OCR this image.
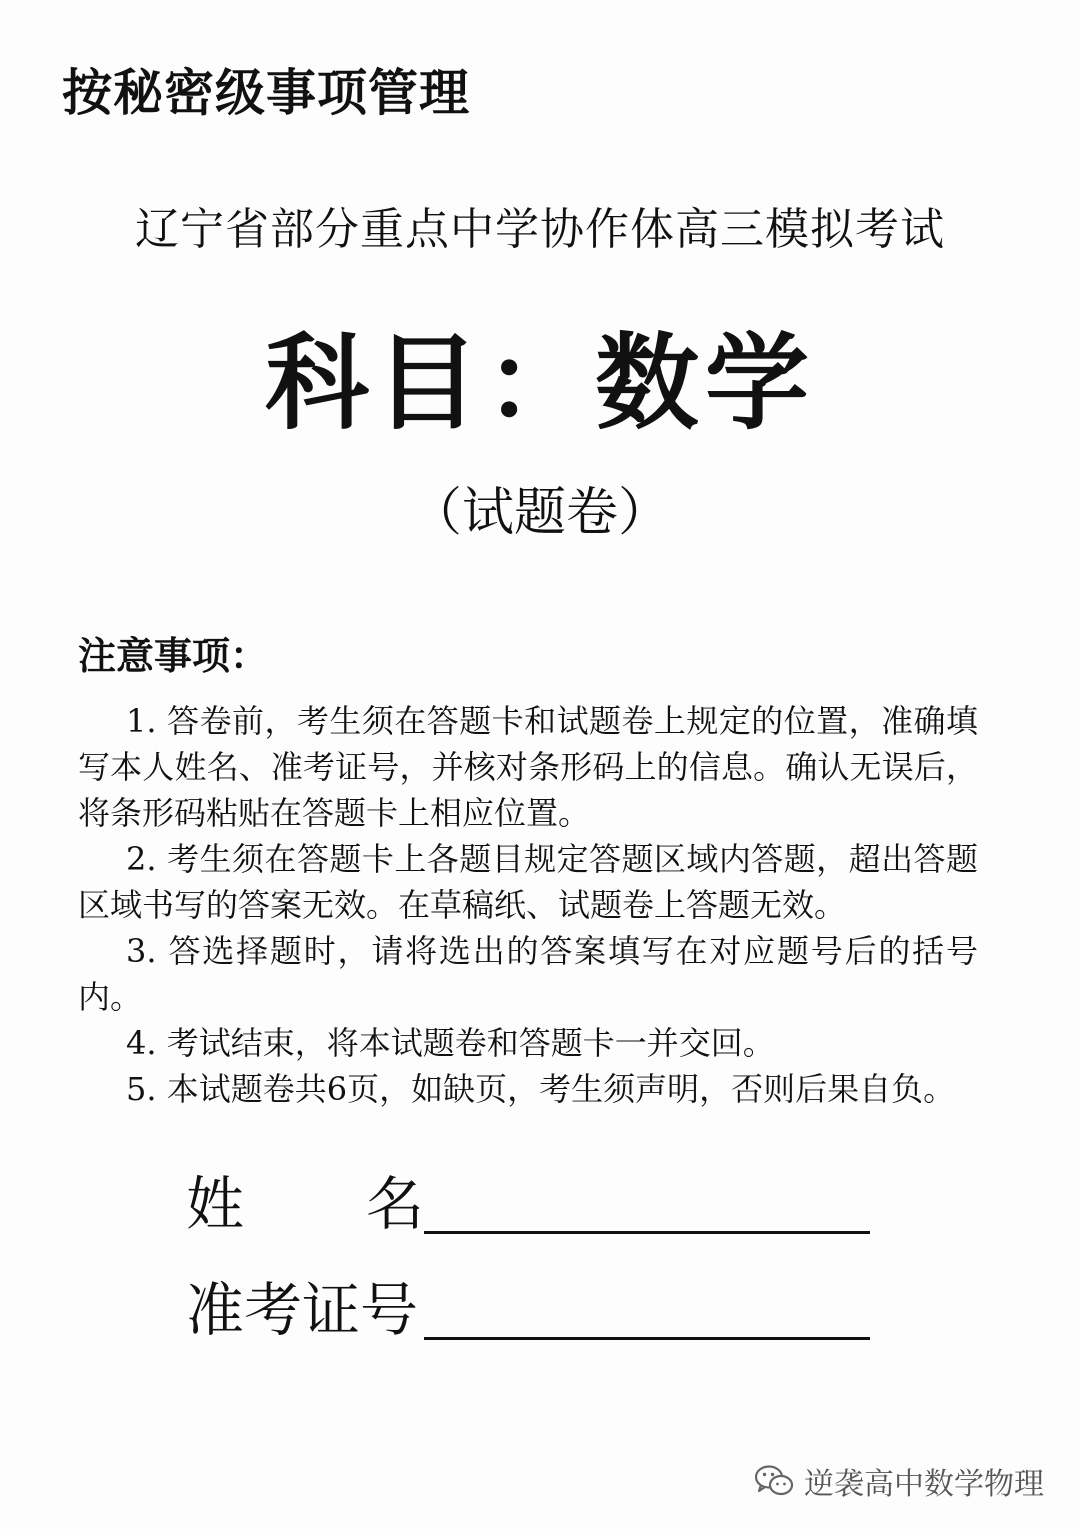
按秘密级事项管理
辽宁省部分重点中学协作体高三模拟考试
科目：数学
（试题卷）
注意事项：
1. 答卷前，考生须在答题卡和试题卷上规定的位置，准确填写本人姓名、准考证号，并核对条形码上的信息。确认无误后，将条形码粘贴在答题卡上相应位置。
2. 考生须在答题卡上各题目规定答题区域内答题，超出答题区域书写的答案无效。在草稿纸、试题卷上答题无效。
3. 答选择题时，请将选出的答案填写在对应题号后的括号内。
4. 考试结束，将本试题卷和答题卡一并交回。
5. 本试题卷共6页，如缺页，考生须声明，否则后果自负。
姓 名
准考证号
逆袭高中数学物理
